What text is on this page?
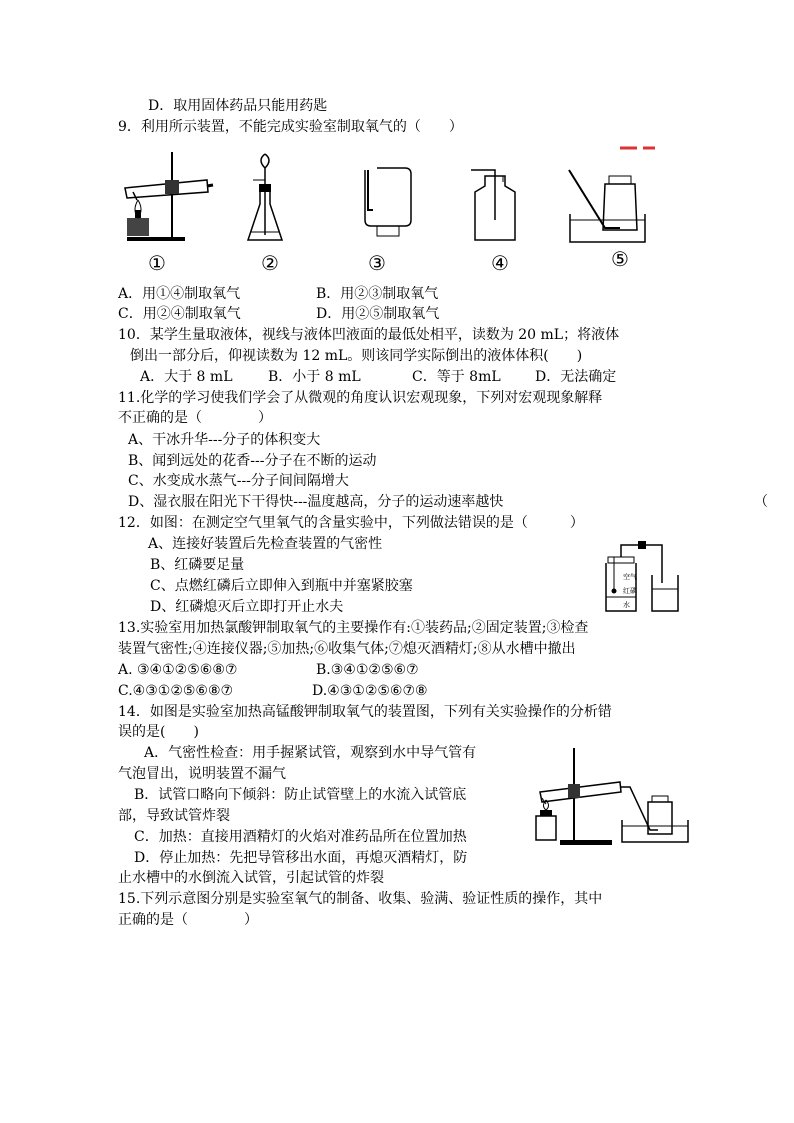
D．取用固体药品只能用药匙
9．利用所示装置，不能完成实验室制取氧气的（　　）
①	②	③	④	⑤
A．用①④制取氧气	B．用②③制取氧气
C．用②④制取氧气	D．用②⑤制取氧气
10．某学生量取液体，视线与液体凹液面的最低处相平，读数为 20 mL；将液体
倒出一部分后，仰视读数为 12 mL。则该同学实际倒出的液体体积(　　)
A．大于 8 mL	B．小于 8 mL	C．等于 8mL D．无法确定
11.化学的学习使我们学会了从微观的角度认识宏观现象，下列对宏观现象解释
不正确的是（　　　　）
A、干冰升华---分子的体积变大
B、闻到远处的花香---分子在不断的运动
C、水变成水蒸气---分子间间隔增大
D、湿衣服在阳光下干得快---温度越高，分子的运动速率越快	（
12．如图：在测定空气里氧气的含量实验中，下列做法错误的是（　　　）
A、连接好装置后先检查装置的气密性
B、红磷要足量
C、点燃红磷后立即伸入到瓶中并塞紧胶塞
D、红磷熄灭后立即打开止水夫
空气
红磷
水
13.实验室用加热氯酸钾制取氧气的主要操作有:①装药品;②固定装置;③检查
装置气密性;④连接仪器;⑤加热;⑥收集气体;⑦熄灭酒精灯;⑧从水槽中撤出
A. ③④①②⑤⑥⑧⑦	B.③④①②⑤⑥⑦
C.④③①②⑤⑥⑧⑦	D.④③①②⑤⑥⑦⑧
14．如图是实验室加热高锰酸钾制取氧气的装置图，下列有关实验操作的分析错
误的是(　　)
A．气密性检查：用手握紧试管，观察到水中导气管有
气泡冒出，说明装置不漏气
B．试管口略向下倾斜：防止试管壁上的水流入试管底
部，导致试管炸裂
C．加热：直接用酒精灯的火焰对准药品所在位置加热
D．停止加热：先把导管移出水面，再熄灭酒精灯，防
止水槽中的水倒流入试管，引起试管的炸裂
15.下列示意图分别是实验室氧气的制备、收集、验满、验证性质的操作，其中
正确的是（　　　　）
